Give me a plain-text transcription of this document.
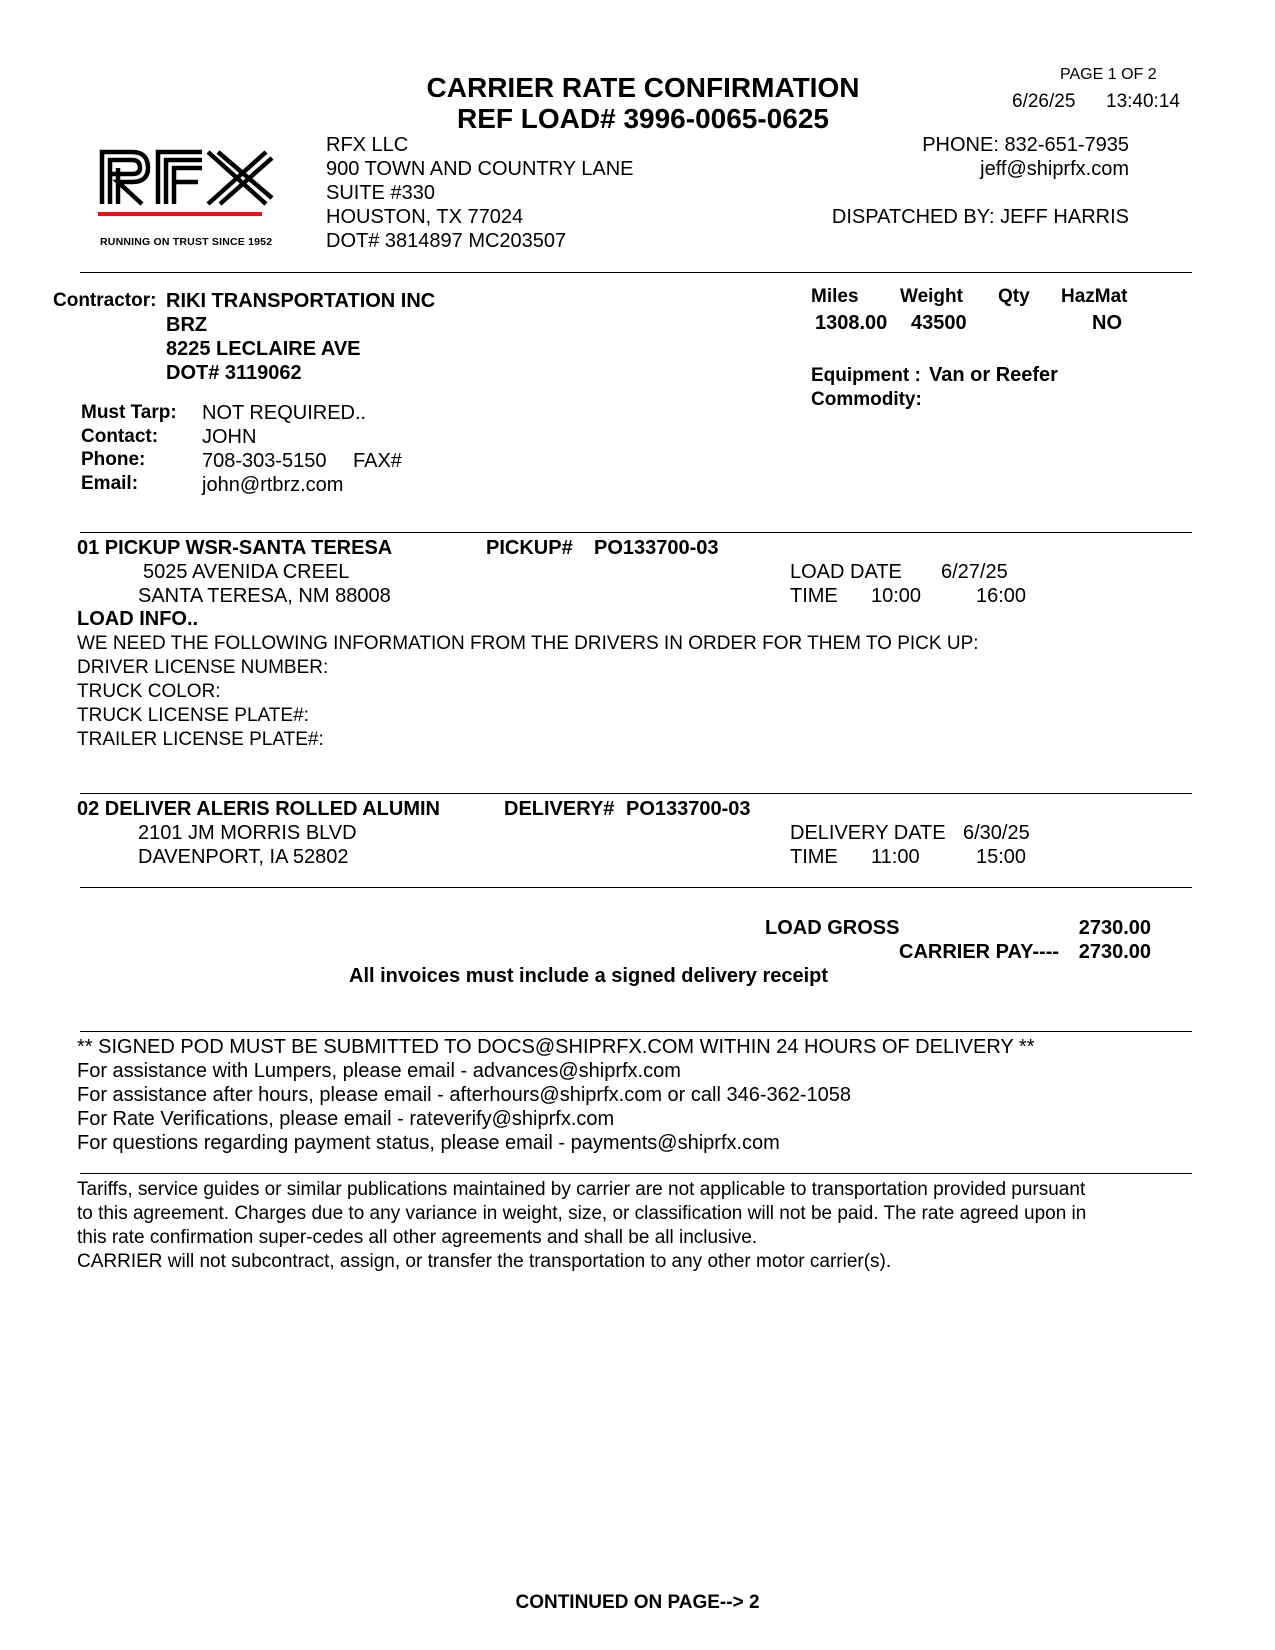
CARRIER RATE CONFIRMATION
REF LOAD# 3996-0065-0625
PAGE 1 OF 2
6/26/25 13:40:14
RUNNING ON TRUST SINCE 1952
RFX LLC
900 TOWN AND COUNTRY LANE
SUITE #330
HOUSTON, TX 77024
DOT# 3814897 MC203507
PHONE: 832-651-7935
jeff@shiprfx.com
DISPATCHED BY: JEFF HARRIS
Contractor: RIKI TRANSPORTATION INC
BRZ
8225 LECLAIRE AVE
DOT# 3119062
Must Tarp: NOT REQUIRED..
Contact: JOHN
Phone:	708-303-5150 FAX#
Email:	john@rtbrz.com
Miles Weight Qty HazMat
1308.00 43500	NO
Equipment : Van or Reefer
Commodity:
01 PICKUP WSR-SANTA TERESA	PICKUP# PO133700-03
5025 AVENIDA CREEL
SANTA TERESA, NM 88008
LOAD DATE 6/27/25
TIME 10:00	16:00
LOAD INFO..
WE NEED THE FOLLOWING INFORMATION FROM THE DRIVERS IN ORDER FOR THEM TO PICK UP:
DRIVER LICENSE NUMBER:
TRUCK COLOR:
TRUCK LICENSE PLATE#:
TRAILER LICENSE PLATE#:
02 DELIVER ALERIS ROLLED ALUMIN	DELIVERY# PO133700-03
2101 JM MORRIS BLVD
DAVENPORT, IA 52802
DELIVERY DATE 6/30/25
TIME 11:00	15:00
LOAD GROSS	2730.00
CARRIER PAY---- 2730.00
All invoices must include a signed delivery receipt
** SIGNED POD MUST BE SUBMITTED TO DOCS@SHIPRFX.COM WITHIN 24 HOURS OF DELIVERY **
For assistance with Lumpers, please email - advances@shiprfx.com
For assistance after hours, please email - afterhours@shiprfx.com or call 346-362-1058
For Rate Verifications, please email - rateverify@shiprfx.com
For questions regarding payment status, please email - payments@shiprfx.com
Tariffs, service guides or similar publications maintained by carrier are not applicable to transportation provided pursuant
to this agreement. Charges due to any variance in weight, size, or classification will not be paid. The rate agreed upon in
this rate confirmation super-cedes all other agreements and shall be all inclusive.
CARRIER will not subcontract, assign, or transfer the transportation to any other motor carrier(s).
CONTINUED ON PAGE--> 2
